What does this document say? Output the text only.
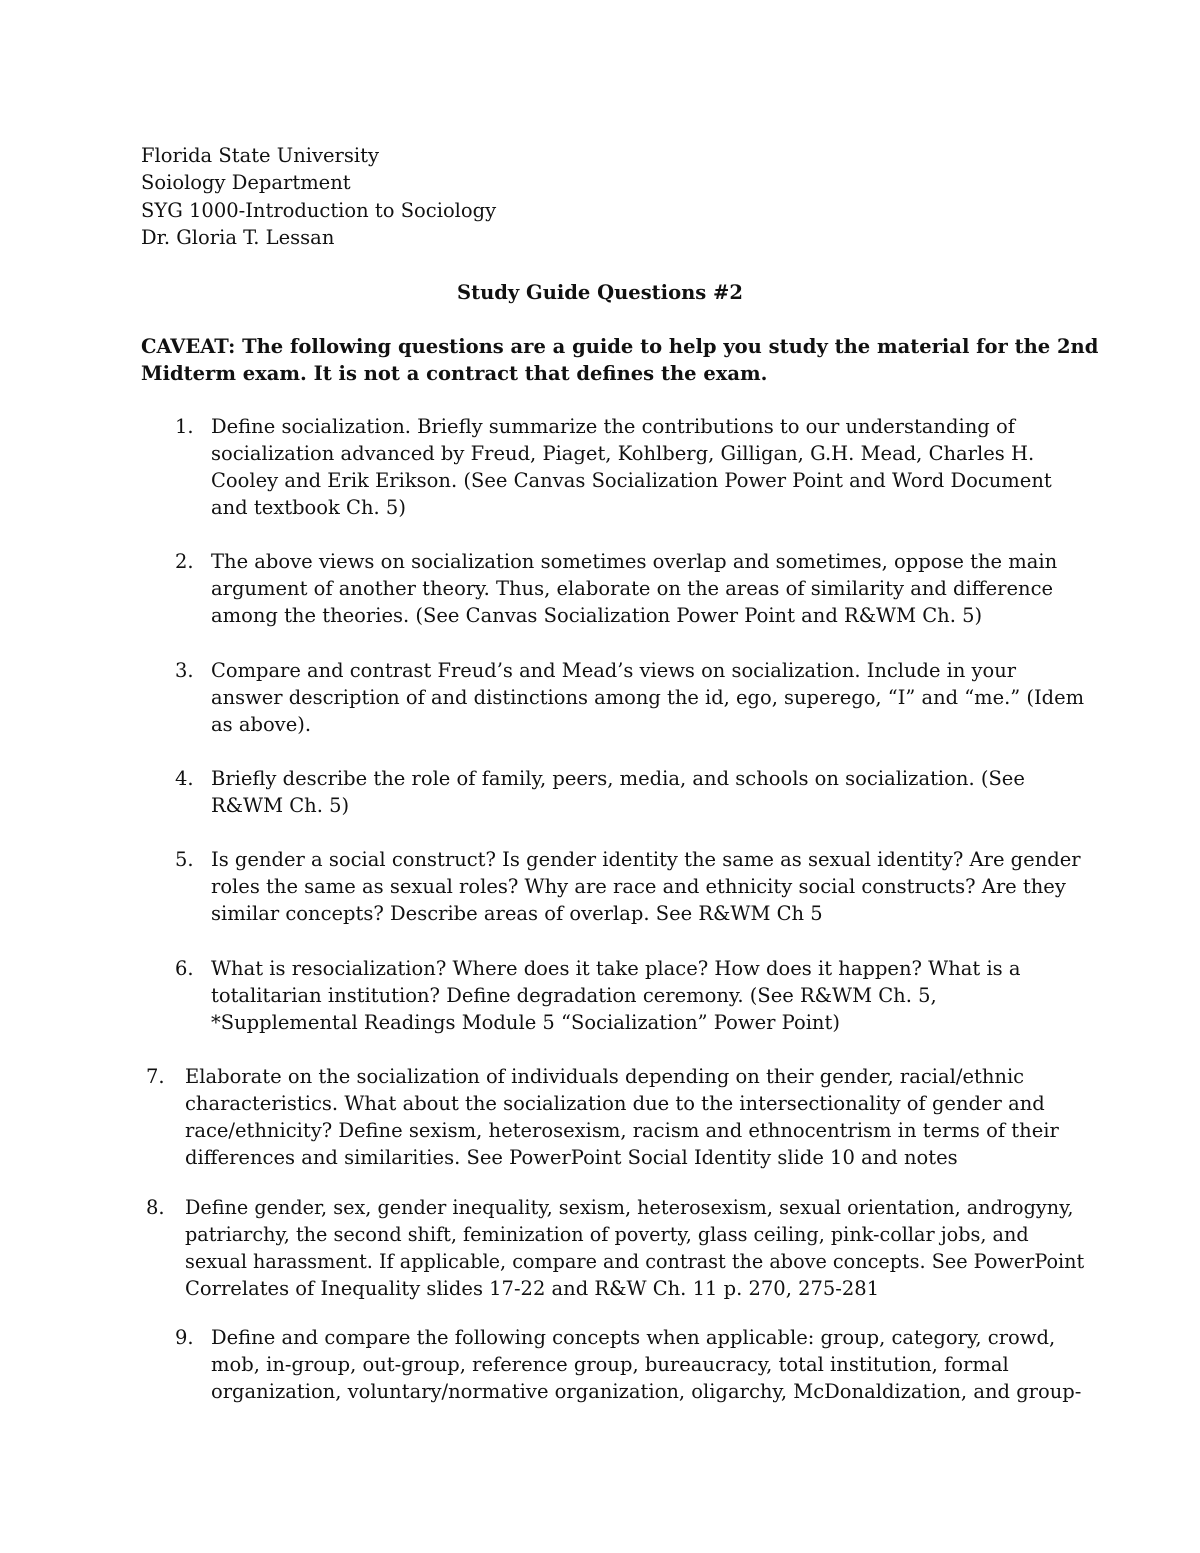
Florida State University
Soiology Department
SYG 1000-Introduction to Sociology
Dr. Gloria T. Lessan
Study Guide Questions #2
CAVEAT: The following questions are a guide to help you study the material for the 2nd
Midterm exam. It is not a contract that defines the exam.
1. Define socialization. Briefly summarize the contributions to our understanding of
socialization advanced by Freud, Piaget, Kohlberg, Gilligan, G.H. Mead, Charles H.
Cooley and Erik Erikson. (See Canvas Socialization Power Point and Word Document
and textbook Ch. 5)
2. The above views on socialization sometimes overlap and sometimes, oppose the main
argument of another theory. Thus, elaborate on the areas of similarity and difference
among the theories. (See Canvas Socialization Power Point and R&WM Ch. 5)
3. Compare and contrast Freud’s and Mead’s views on socialization. Include in your
answer description of and distinctions among the id, ego, superego, “I” and “me.” (Idem
as above).
4. Briefly describe the role of family, peers, media, and schools on socialization. (See
R&WM Ch. 5)
5. Is gender a social construct? Is gender identity the same as sexual identity? Are gender
roles the same as sexual roles? Why are race and ethnicity social constructs? Are they
similar concepts? Describe areas of overlap. See R&WM Ch 5
6. What is resocialization? Where does it take place? How does it happen? What is a
totalitarian institution? Define degradation ceremony. (See R&WM Ch. 5,
*Supplemental Readings Module 5 “Socialization” Power Point)
7. Elaborate on the socialization of individuals depending on their gender, racial/ethnic
characteristics. What about the socialization due to the intersectionality of gender and
race/ethnicity? Define sexism, heterosexism, racism and ethnocentrism in terms of their
differences and similarities. See PowerPoint Social Identity slide 10 and notes
8. Define gender, sex, gender inequality, sexism, heterosexism, sexual orientation, androgyny,
patriarchy, the second shift, feminization of poverty, glass ceiling, pink-collar jobs, and
sexual harassment. If applicable, compare and contrast the above concepts. See PowerPoint
Correlates of Inequality slides 17-22 and R&W Ch. 11 p. 270, 275-281
9. Define and compare the following concepts when applicable: group, category, crowd,
mob, in-group, out-group, reference group, bureaucracy, total institution, formal
organization, voluntary/normative organization, oligarchy, McDonaldization, and group-
